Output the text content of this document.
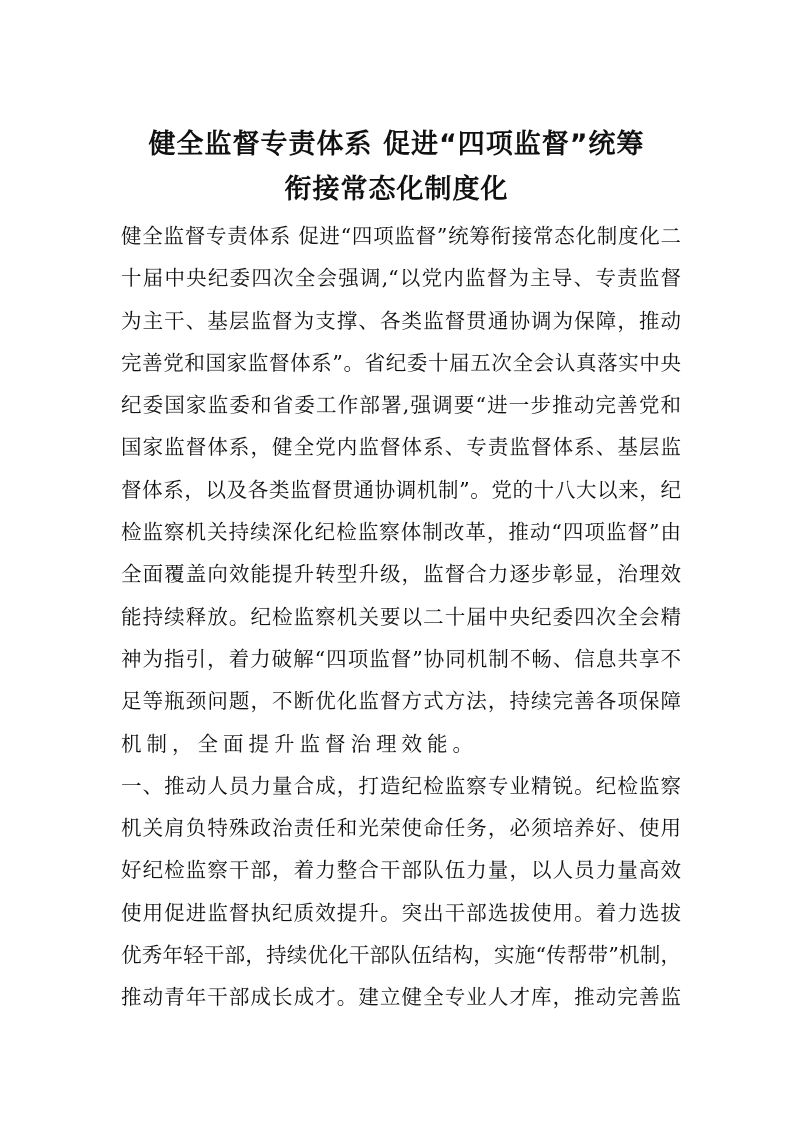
健全监督专责体系 促进“四项监督”统筹
衔接常态化制度化
健全监督专责体系 促进“四项监督”统筹衔接常态化制度化二
十届中央纪委四次全会强调,“以党内监督为主导、专责监督
为主干、基层监督为支撑、各类监督贯通协调为保障，推动
完善党和国家监督体系”。省纪委十届五次全会认真落实中央
纪委国家监委和省委工作部署,强调要“进一步推动完善党和
国家监督体系，健全党内监督体系、专责监督体系、基层监
督体系，以及各类监督贯通协调机制”。党的十八大以来，纪
检监察机关持续深化纪检监察体制改革，推动“四项监督”由
全面覆盖向效能提升转型升级，监督合力逐步彰显，治理效
能持续释放。纪检监察机关要以二十届中央纪委四次全会精
神为指引，着力破解“四项监督”协同机制不畅、信息共享不
足等瓶颈问题，不断优化监督方式方法，持续完善各项保障
机制，全面提升监督治理效能。
一、推动人员力量合成，打造纪检监察专业精锐。纪检监察
机关肩负特殊政治责任和光荣使命任务，必须培养好、使用
好纪检监察干部，着力整合干部队伍力量，以人员力量高效
使用促进监督执纪质效提升。突出干部选拔使用。着力选拔
优秀年轻干部，持续优化干部队伍结构，实施“传帮带”机制，
推动青年干部成长成才。建立健全专业人才库，推动完善监
